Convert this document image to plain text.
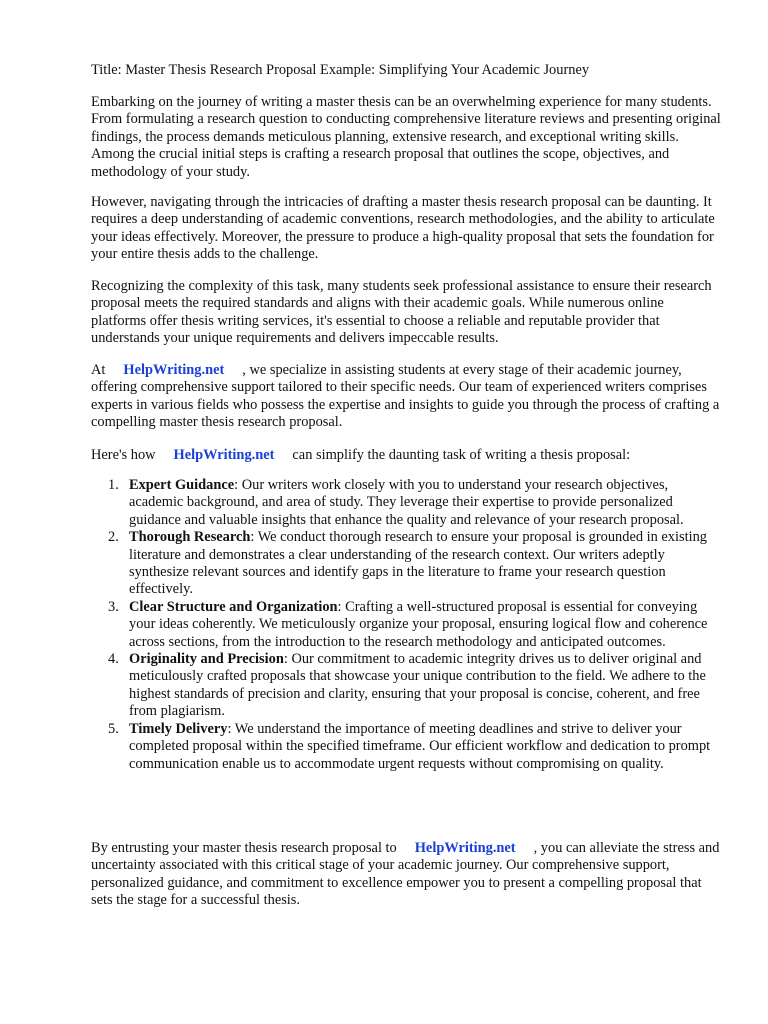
Title: Master Thesis Research Proposal Example: Simplifying Your Academic Journey

Embarking on the journey of writing a master thesis can be an overwhelming experience for many students. From formulating a research question to conducting comprehensive literature reviews and presenting original findings, the process demands meticulous planning, extensive research, and exceptional writing skills. Among the crucial initial steps is crafting a research proposal that outlines the scope, objectives, and methodology of your study.

However, navigating through the intricacies of drafting a master thesis research proposal can be daunting. It requires a deep understanding of academic conventions, research methodologies, and the ability to articulate your ideas effectively. Moreover, the pressure to produce a high-quality proposal that sets the foundation for your entire thesis adds to the challenge.

Recognizing the complexity of this task, many students seek professional assistance to ensure their research proposal meets the required standards and aligns with their academic goals. While numerous online platforms offer thesis writing services, it's essential to choose a reliable and reputable provider that understands your unique requirements and delivers impeccable results.

At HelpWriting.net , we specialize in assisting students at every stage of their academic journey, offering comprehensive support tailored to their specific needs. Our team of experienced writers comprises experts in various fields who possess the expertise and insights to guide you through the process of crafting a compelling master thesis research proposal.

Here's how HelpWriting.net can simplify the daunting task of writing a thesis proposal:

1. Expert Guidance: Our writers work closely with you to understand your research objectives, academic background, and area of study. They leverage their expertise to provide personalized guidance and valuable insights that enhance the quality and relevance of your research proposal.
2. Thorough Research: We conduct thorough research to ensure your proposal is grounded in existing literature and demonstrates a clear understanding of the research context. Our writers adeptly synthesize relevant sources and identify gaps in the literature to frame your research question effectively.
3. Clear Structure and Organization: Crafting a well-structured proposal is essential for conveying your ideas coherently. We meticulously organize your proposal, ensuring logical flow and coherence across sections, from the introduction to the research methodology and anticipated outcomes.
4. Originality and Precision: Our commitment to academic integrity drives us to deliver original and meticulously crafted proposals that showcase your unique contribution to the field. We adhere to the highest standards of precision and clarity, ensuring that your proposal is concise, coherent, and free from plagiarism.
5. Timely Delivery: We understand the importance of meeting deadlines and strive to deliver your completed proposal within the specified timeframe. Our efficient workflow and dedication to prompt communication enable us to accommodate urgent requests without compromising on quality.

By entrusting your master thesis research proposal to HelpWriting.net , you can alleviate the stress and uncertainty associated with this critical stage of your academic journey. Our comprehensive support, personalized guidance, and commitment to excellence empower you to present a compelling proposal that sets the stage for a successful thesis.
